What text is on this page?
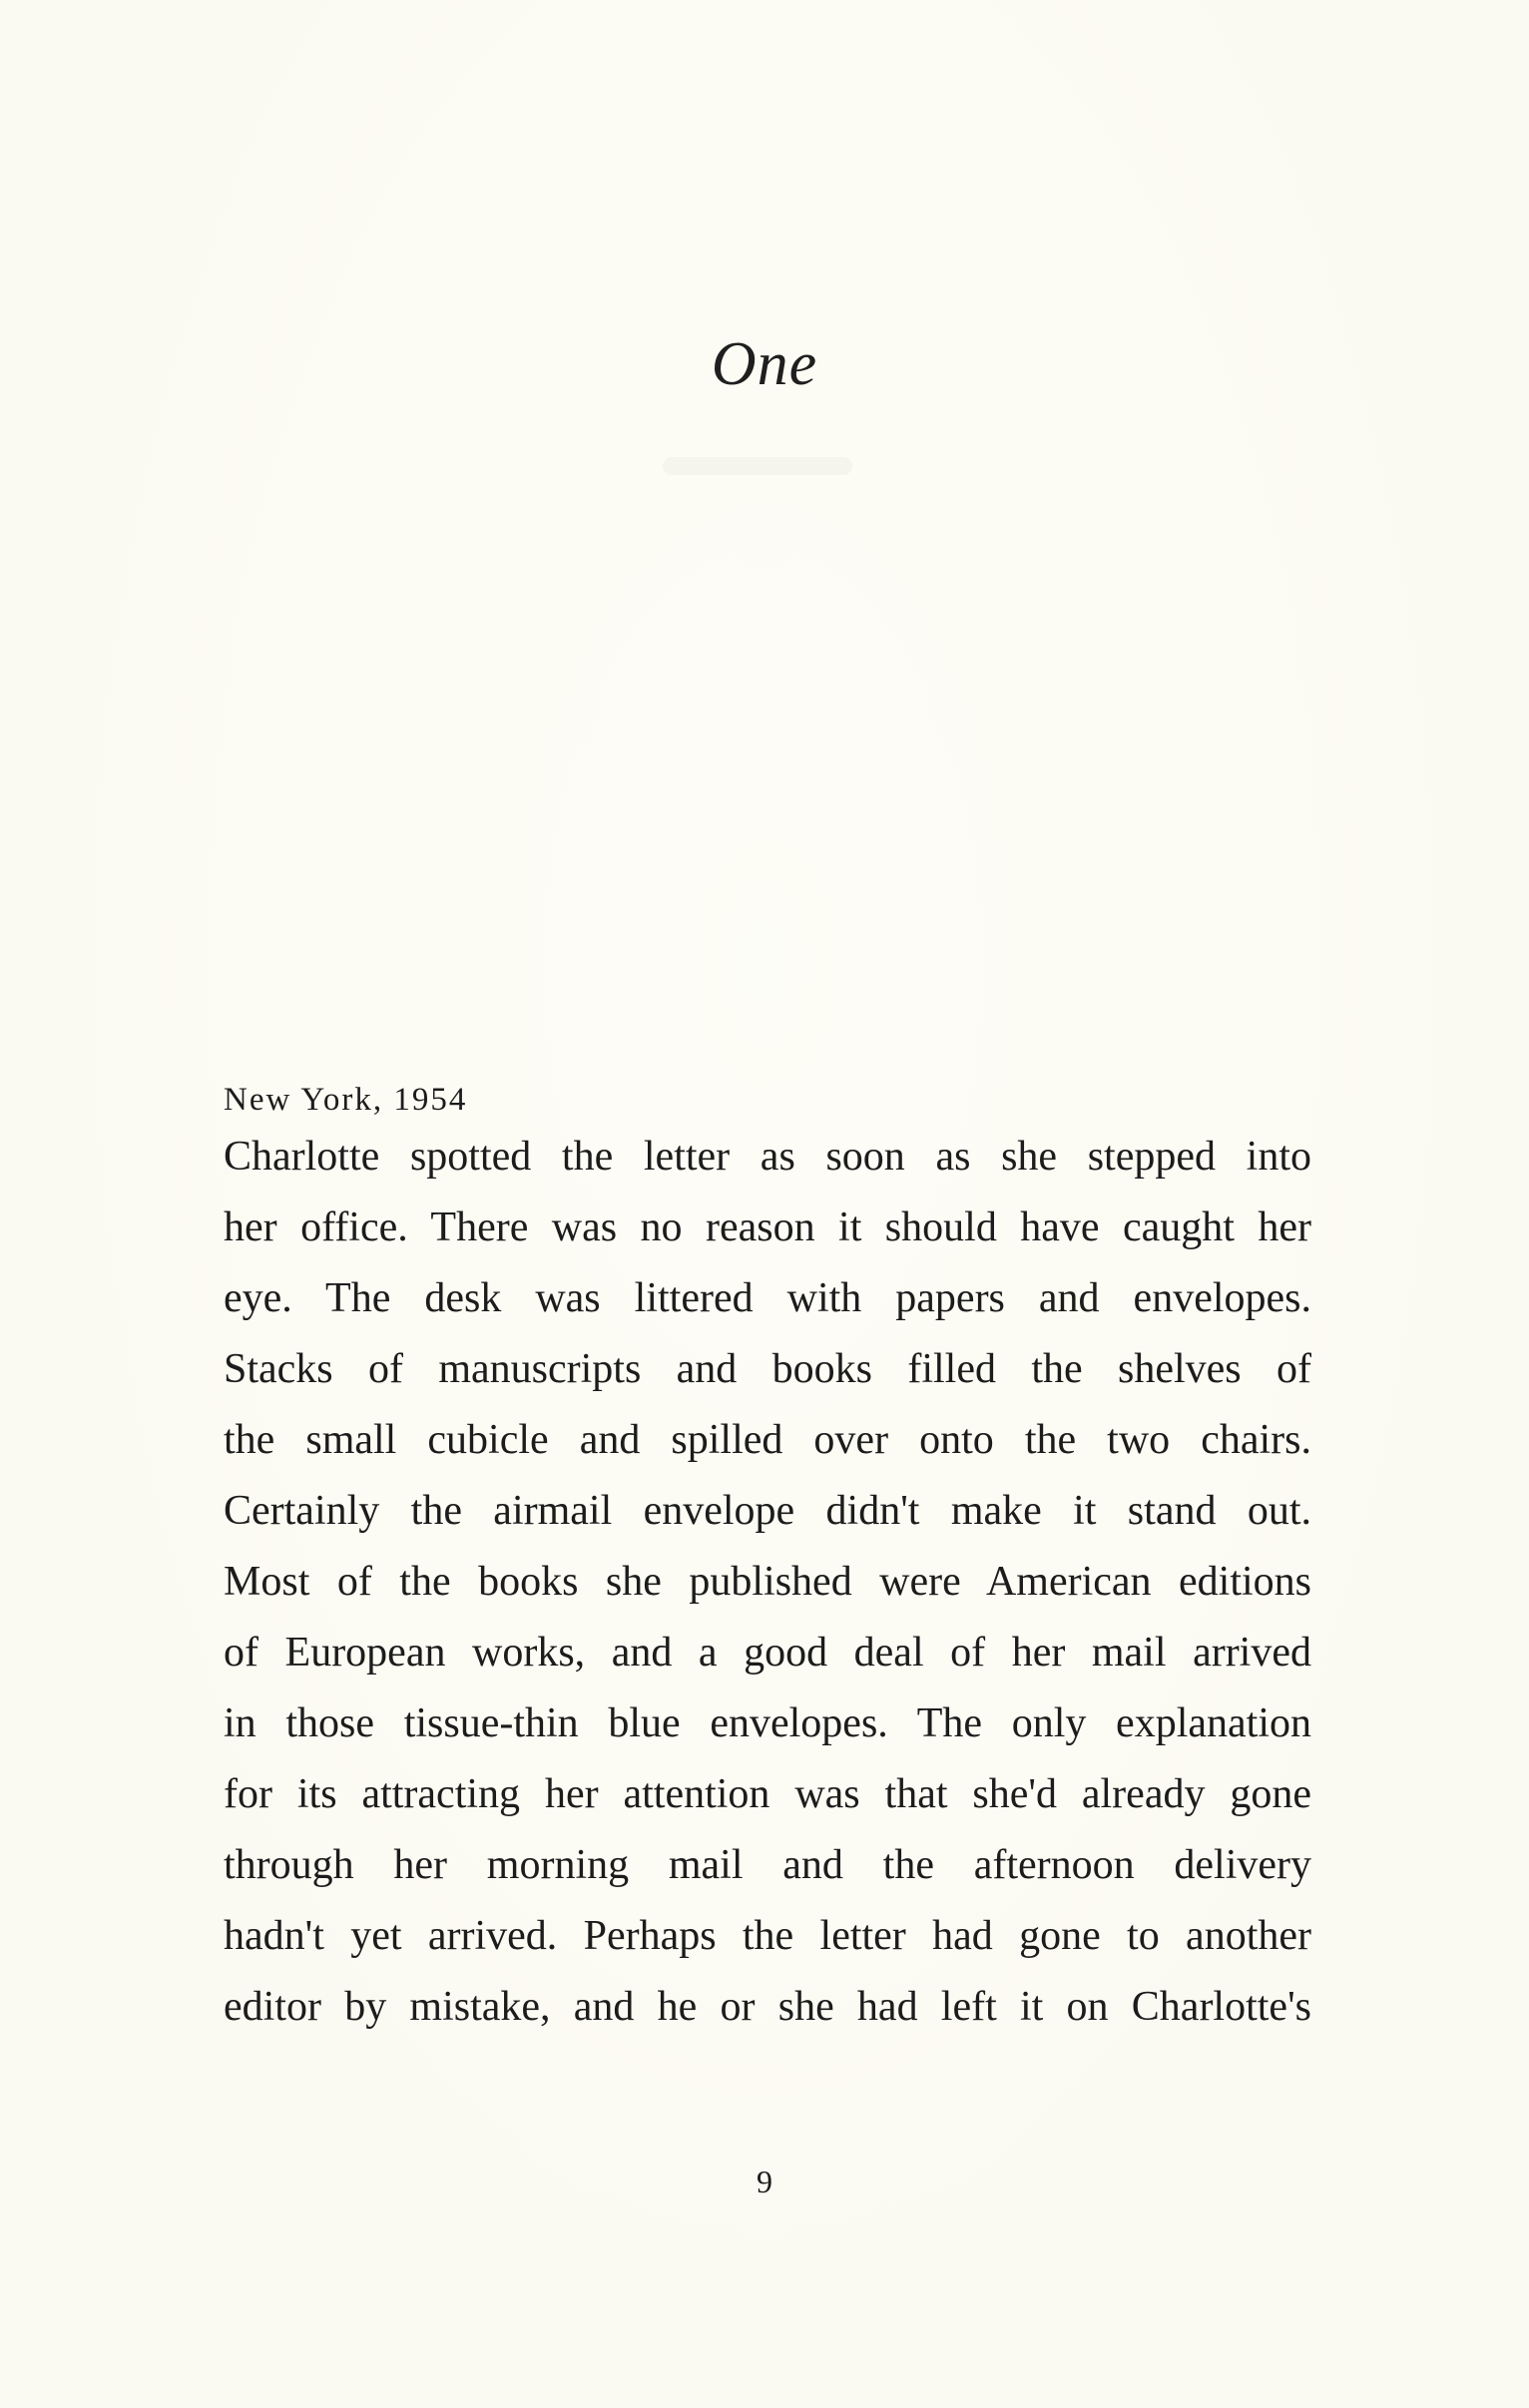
One
New York, 1954
Charlotte spotted the letter as soon as she stepped into
her office. There was no reason it should have caught her
eye. The desk was littered with papers and envelopes.
Stacks of manuscripts and books filled the shelves of
the small cubicle and spilled over onto the two chairs.
Certainly the airmail envelope didn't make it stand out.
Most of the books she published were American editions
of European works, and a good deal of her mail arrived
in those tissue-thin blue envelopes. The only explanation
for its attracting her attention was that she'd already gone
through her morning mail and the afternoon delivery
hadn't yet arrived. Perhaps the letter had gone to another
editor by mistake, and he or she had left it on Charlotte's
9
